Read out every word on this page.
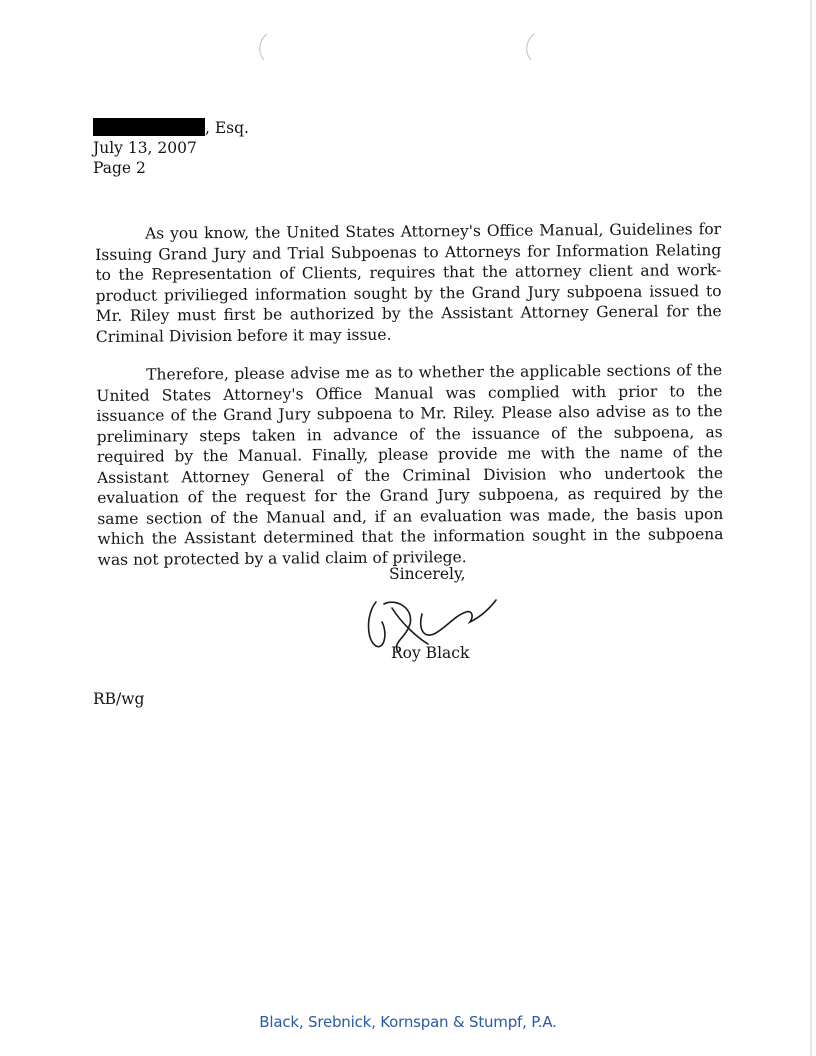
, Esq.
July 13, 2007
Page 2

As you know, the United States Attorney's Office Manual, Guidelines for Issuing Grand Jury and Trial Subpoenas to Attorneys for Information Relating to the Representation of Clients, requires that the attorney client and work-product privilieged information sought by the Grand Jury subpoena issued to Mr. Riley must first be authorized by the Assistant Attorney General for the Criminal Division before it may issue.

Therefore, please advise me as to whether the applicable sections of the United States Attorney's Office Manual was complied with prior to the issuance of the Grand Jury subpoena to Mr. Riley. Please also advise as to the preliminary steps taken in advance of the issuance of the subpoena, as required by the Manual. Finally, please provide me with the name of the Assistant Attorney General of the Criminal Division who undertook the evaluation of the request for the Grand Jury subpoena, as required by the same section of the Manual and, if an evaluation was made, the basis upon which the Assistant determined that the information sought in the subpoena was not protected by a valid claim of privilege.

Sincerely,
Roy Black
RB/wg
Black, Srebnick, Kornspan & Stumpf, P.A.
